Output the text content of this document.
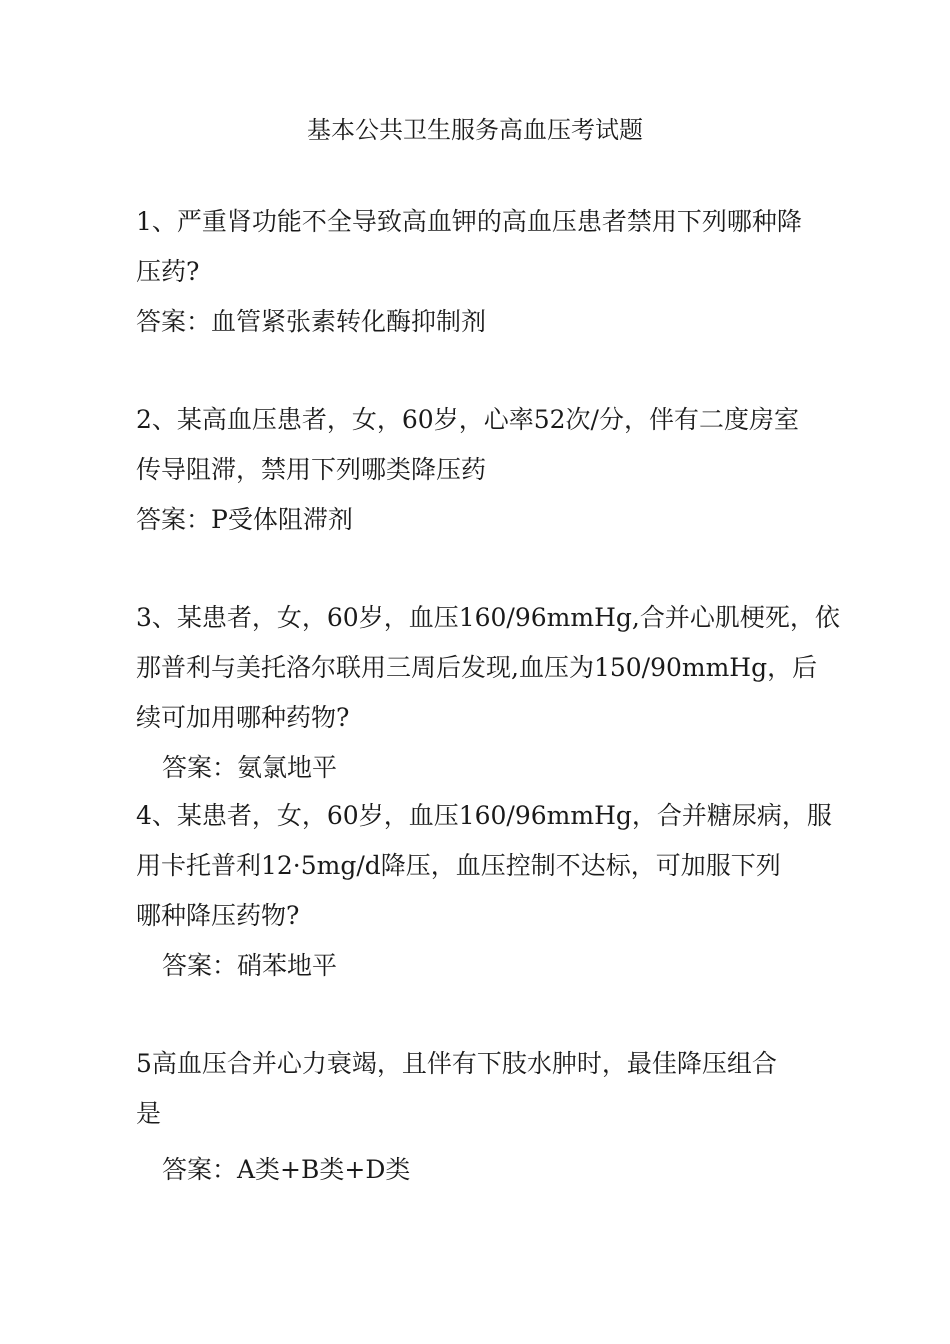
基本公共卫生服务高血压考试题
1、严重肾功能不全导致高血钾的高血压患者禁用下列哪种降
压药?
答案：血管紧张素转化酶抑制剂
2、某高血压患者，女，60岁，心率52次/分，伴有二度房室
传导阻滞，禁用下列哪类降压药
答案：P受体阻滞剂
3、某患者，女，60岁，血压160/96mmHg,合并心肌梗死，依
那普利与美托洛尔联用三周后发现,血压为150/90mmHg，后
续可加用哪种药物?
答案：氨氯地平
4、某患者，女，60岁，血压160/96mmHg，合并糖尿病，服
用卡托普利12·5mg/d降压，血压控制不达标，可加服下列
哪种降压药物?
答案：硝苯地平
5高血压合并心力衰竭，且伴有下肢水肿时，最佳降压组合
是
答案：A类+B类+D类
